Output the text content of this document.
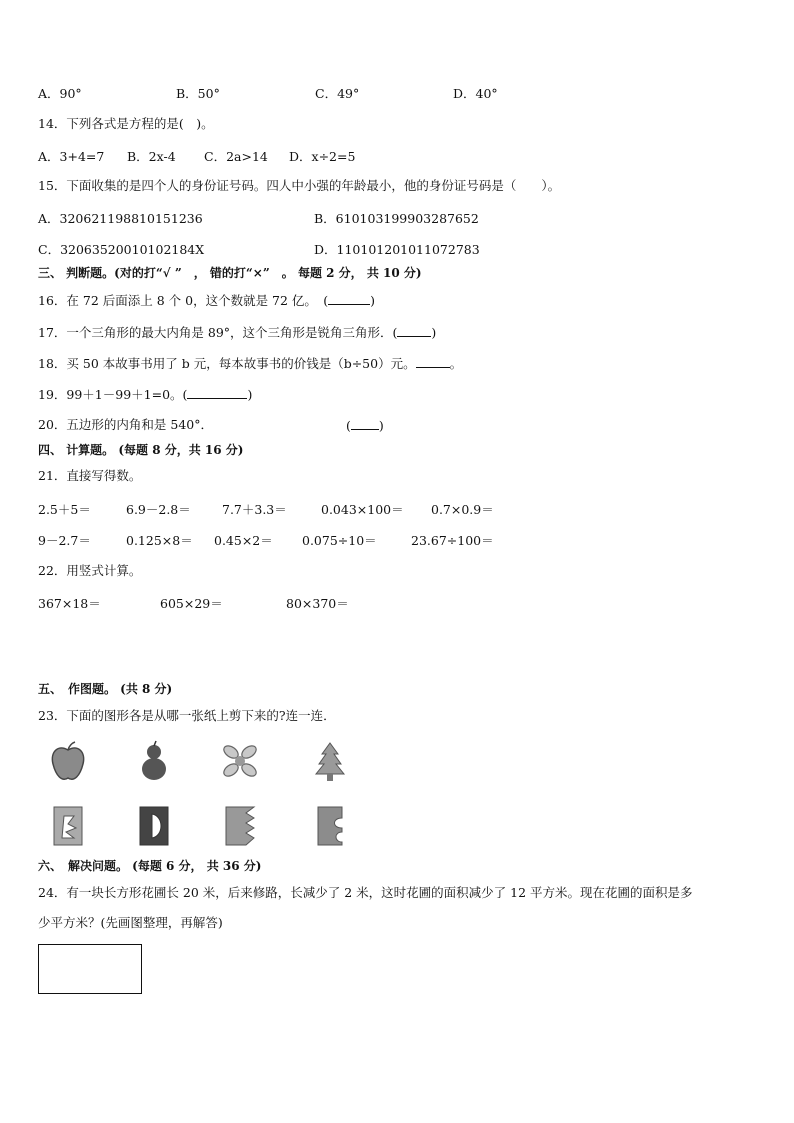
A．90°	B．50°	C．49°	D．40°
14．下列各式是方程的是(　)。
A．3+4=7 B．2x-4 C．2a>14 D．x÷2=5
15．下面收集的是四个人的身份证号码。四人中小强的年龄最小，他的身份证号码是（　　）。
A．320621198810151236	B．610103199903287652
C．32063520010102184X	D．110101201011072783
三、 判断题。(对的打“√ ”　， 错的打“×”　。 每题 2 分， 共 10 分)
16．在 72 后面添上 8 个 0，这个数就是 72 亿。　(	)
17．一个三角形的最大内角是 89°，这个三角形是锐角三角形．(	)
18．买 50 本故事书用了 b 元，每本故事书的价钱是（b÷50）元。	。
19．99＋1－99＋1=0。(	)
20．五边形的内角和是 540°．	( )
四、 计算题。 (每题 8 分，共 16 分)
21．直接写得数。
2.5＋5＝	6.9－2.8＝ 7.7＋3.3＝	0.043×100＝ 0.7×0.9＝
9－2.7＝	0.125×8＝ 0.45×2＝ 0.075÷10＝	23.67÷100＝
22．用竖式计算。
367×18＝	605×29＝	80×370＝
五、　作图题。 (共 8 分)
23．下面的图形各是从哪一张纸上剪下来的?连一连．
六、　解决问题。 (每题 6 分， 共 36 分)
24．有一块长方形花圃长 20 米，后来修路，长减少了 2 米，这时花圃的面积减少了 12 平方米。现在花圃的面积是多
少平方米？(先画图整理，再解答)
